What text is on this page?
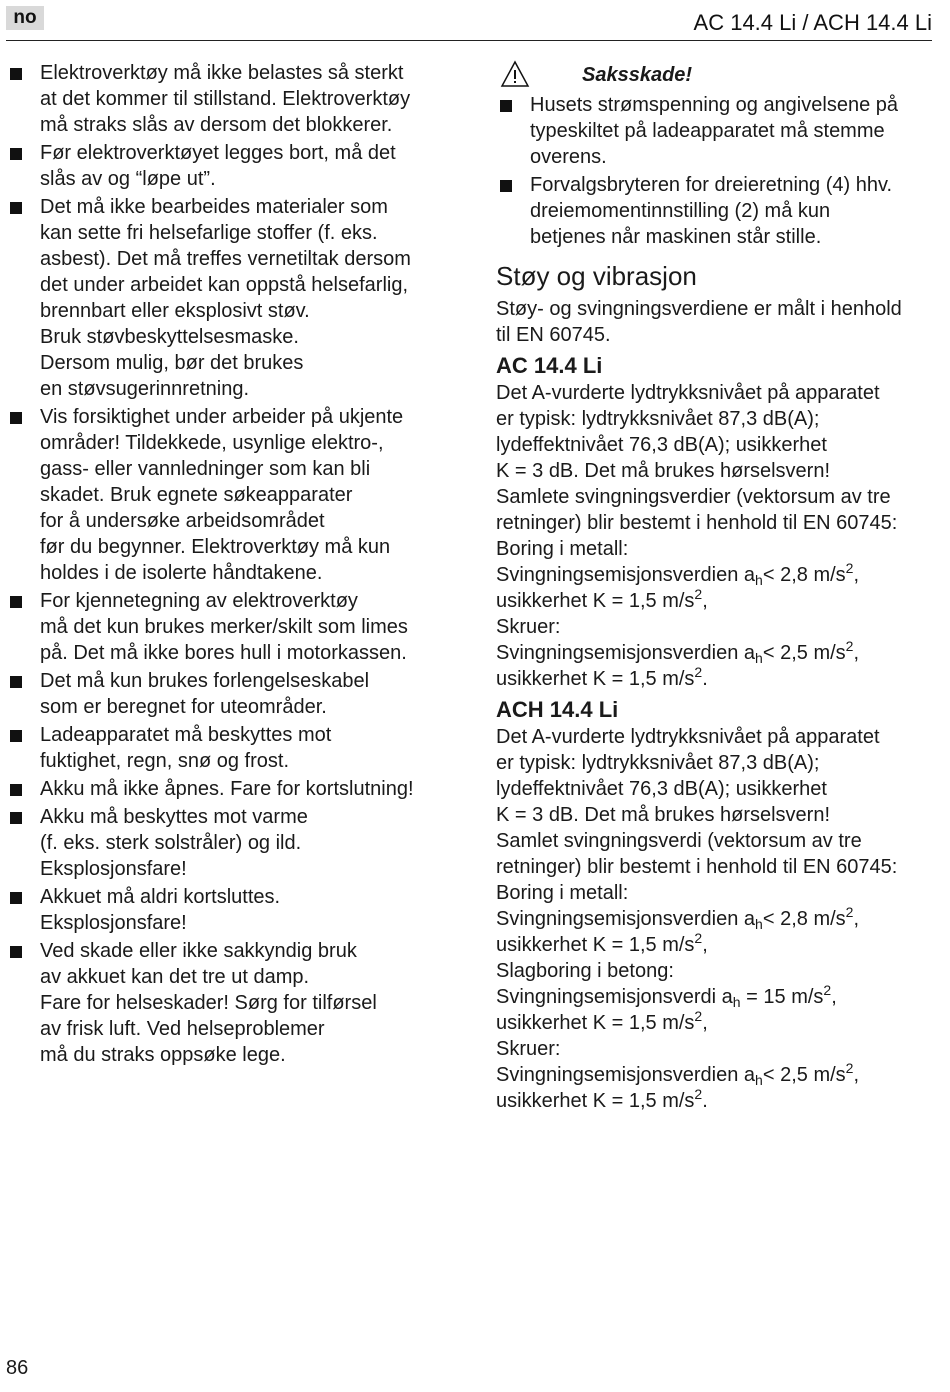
no	AC 14.4 Li / ACH 14.4 Li
Elektroverktøy må ikke belastes så sterkt
at det kommer til stillstand. Elektroverktøy
må straks slås av dersom det blokkerer.
Før elektroverktøyet legges bort, må det
slås av og “løpe ut”.
Det må ikke bearbeides materialer som
kan sette fri helsefarlige stoffer (f. eks.
asbest). Det må treffes vernetiltak dersom
det under arbeidet kan oppstå helsefarlig,
brennbart eller eksplosivt støv.
Bruk støvbeskyttelsesmaske.
Dersom mulig, bør det brukes
en støvsugerinnretning.
Vis forsiktighet under arbeider på ukjente
områder! Tildekkede, usynlige elektro-,
gass- eller vannledninger som kan bli
skadet. Bruk egnete søkeapparater
for å undersøke arbeidsområdet
før du begynner. Elektroverktøy må kun
holdes i de isolerte håndtakene.
For kjennetegning av elektroverktøy
må det kun brukes merker/skilt som limes
på. Det må ikke bores hull i motorkassen.
Det må kun brukes forlengelseskabel
som er beregnet for uteområder.
Ladeapparatet må beskyttes mot
fuktighet, regn, snø og frost.
Akku må ikke åpnes. Fare for kortslutning!
Akku må beskyttes mot varme
(f. eks. sterk solstråler) og ild.
Eksplosjonsfare!
Akkuet må aldri kortsluttes.
Eksplosjonsfare!
Ved skade eller ikke sakkyndig bruk
av akkuet kan det tre ut damp.
Fare for helseskader! Sørg for tilførsel
av frisk luft. Ved helseproblemer
må du straks oppsøke lege.
Saksskade!
Husets strømspenning og angivelsene på
typeskiltet på ladeapparatet må stemme
overens.
Forvalgsbryteren for dreieretning (4) hhv.
dreiemomentinnstilling (2) må kun
betjenes når maskinen står stille.
Støy og vibrasjon

Støy- og svingningsverdiene er målt i henhold
til EN 60745.

AC 14.4 Li

Det A-vurderte lydtrykksnivået på apparatet
er typisk: lydtrykksnivået 87,3 dB(A);
lydeffektnivået 76,3 dB(A); usikkerhet
K = 3 dB. Det må brukes hørselsvern!
Samlete svingningsverdier (vektorsum av tre
retninger) blir bestemt i henhold til EN 60745:
Boring i metall:
Svingningsemisjonsverdien $a_h< 2,8$ $m/s^2$,
usikkerhet K = 1,5 $m/s^2$,
Skruer:
Svingningsemisjonsverdien $a_h< 2,5$ $m/s^2$,
usikkerhet K = 1,5 $m/s^2$.

ACH 14.4 Li

Det A-vurderte lydtrykksnivået på apparatet
er typisk: lydtrykksnivået 87,3 dB(A);
lydeffektnivået 76,3 dB(A); usikkerhet
K = 3 dB. Det må brukes hørselsvern!
Samlet svingningsverdi (vektorsum av tre
retninger) blir bestemt i henhold til EN 60745:
Boring i metall:
Svingningsemisjonsverdien $a_h< 2,8$ $m/s^2$,
usikkerhet K = 1,5 $m/s^2$,
Slagboring i betong:
Svingningsemisjonsverdi $a_h = 15$ $m/s^2$,
usikkerhet K = 1,5 $m/s^2$,
Skruer:
Svingningsemisjonsverdien $a_h< 2,5$ $m/s^2$,
usikkerhet K = 1,5 $m/s^2$.

86
